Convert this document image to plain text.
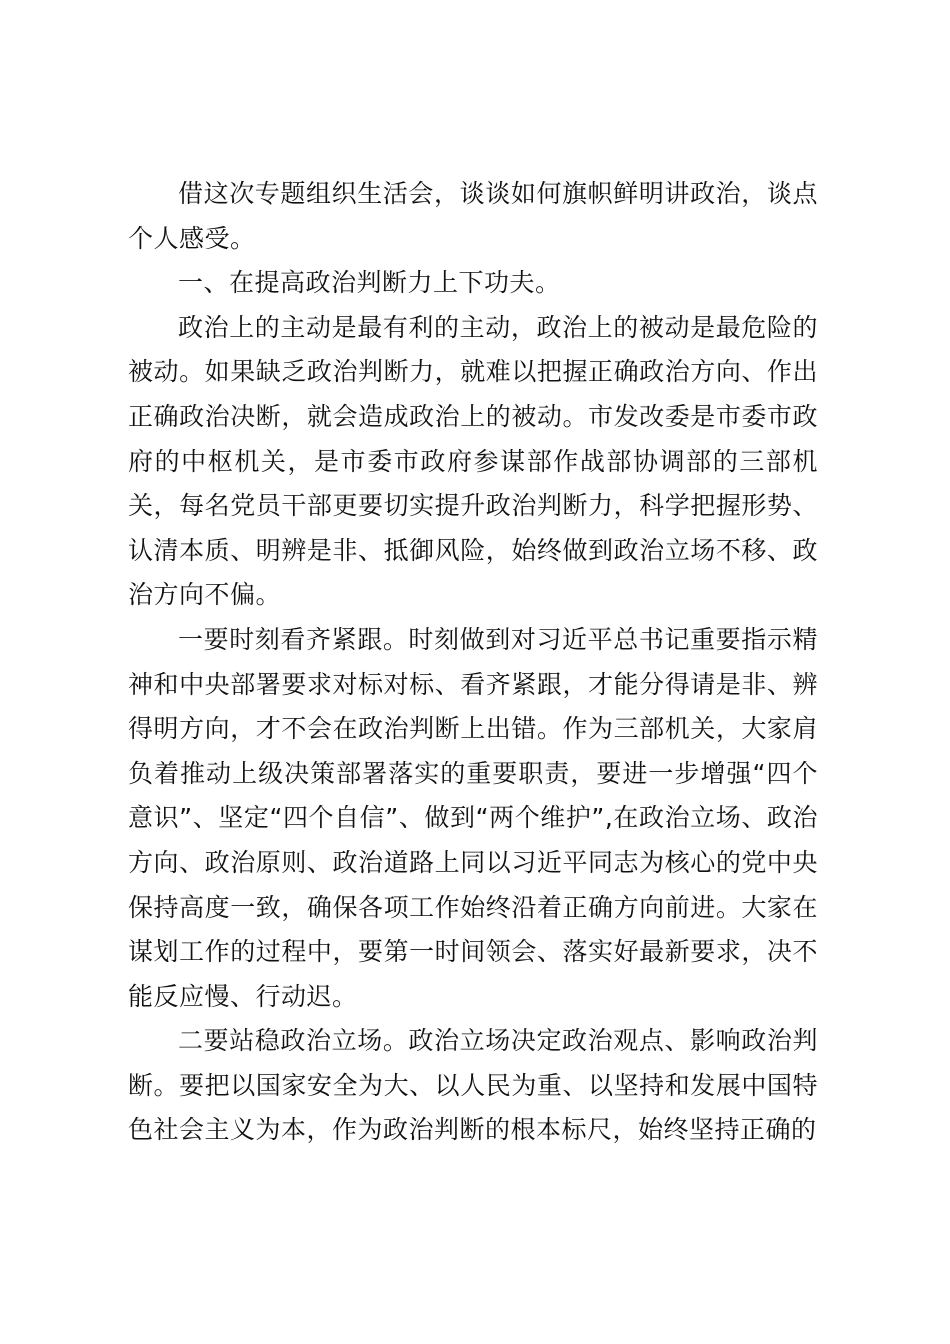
借这次专题组织生活会，谈谈如何旗帜鲜明讲政治，谈点个人感受。

一、在提高政治判断力上下功夫。

政治上的主动是最有利的主动，政治上的被动是最危险的被动。如果缺乏政治判断力，就难以把握正确政治方向、作出正确政治决断，就会造成政治上的被动。市发改委是市委市政府的中枢机关，是市委市政府参谋部作战部协调部的三部机关，每名党员干部更要切实提升政治判断力，科学把握形势、认清本质、明辨是非、抵御风险，始终做到政治立场不移、政治方向不偏。

一要时刻看齐紧跟。时刻做到对习近平总书记重要指示精神和中央部署要求对标对标、看齐紧跟，才能分得请是非、辨得明方向，才不会在政治判断上出错。作为三部机关，大家肩负着推动上级决策部署落实的重要职责，要进一步增强“四个意识”、坚定“四个自信”、做到“两个维护”,在政治立场、政治方向、政治原则、政治道路上同以习近平同志为核心的党中央保持高度一致，确保各项工作始终沿着正确方向前进。大家在谋划工作的过程中，要第一时间领会、落实好最新要求，决不能反应慢、行动迟。

二要站稳政治立场。政治立场决定政治观点、影响政治判断。要把以国家安全为大、以人民为重、以坚持和发展中国特色社会主义为本，作为政治判断的根本标尺，始终坚持正确的
